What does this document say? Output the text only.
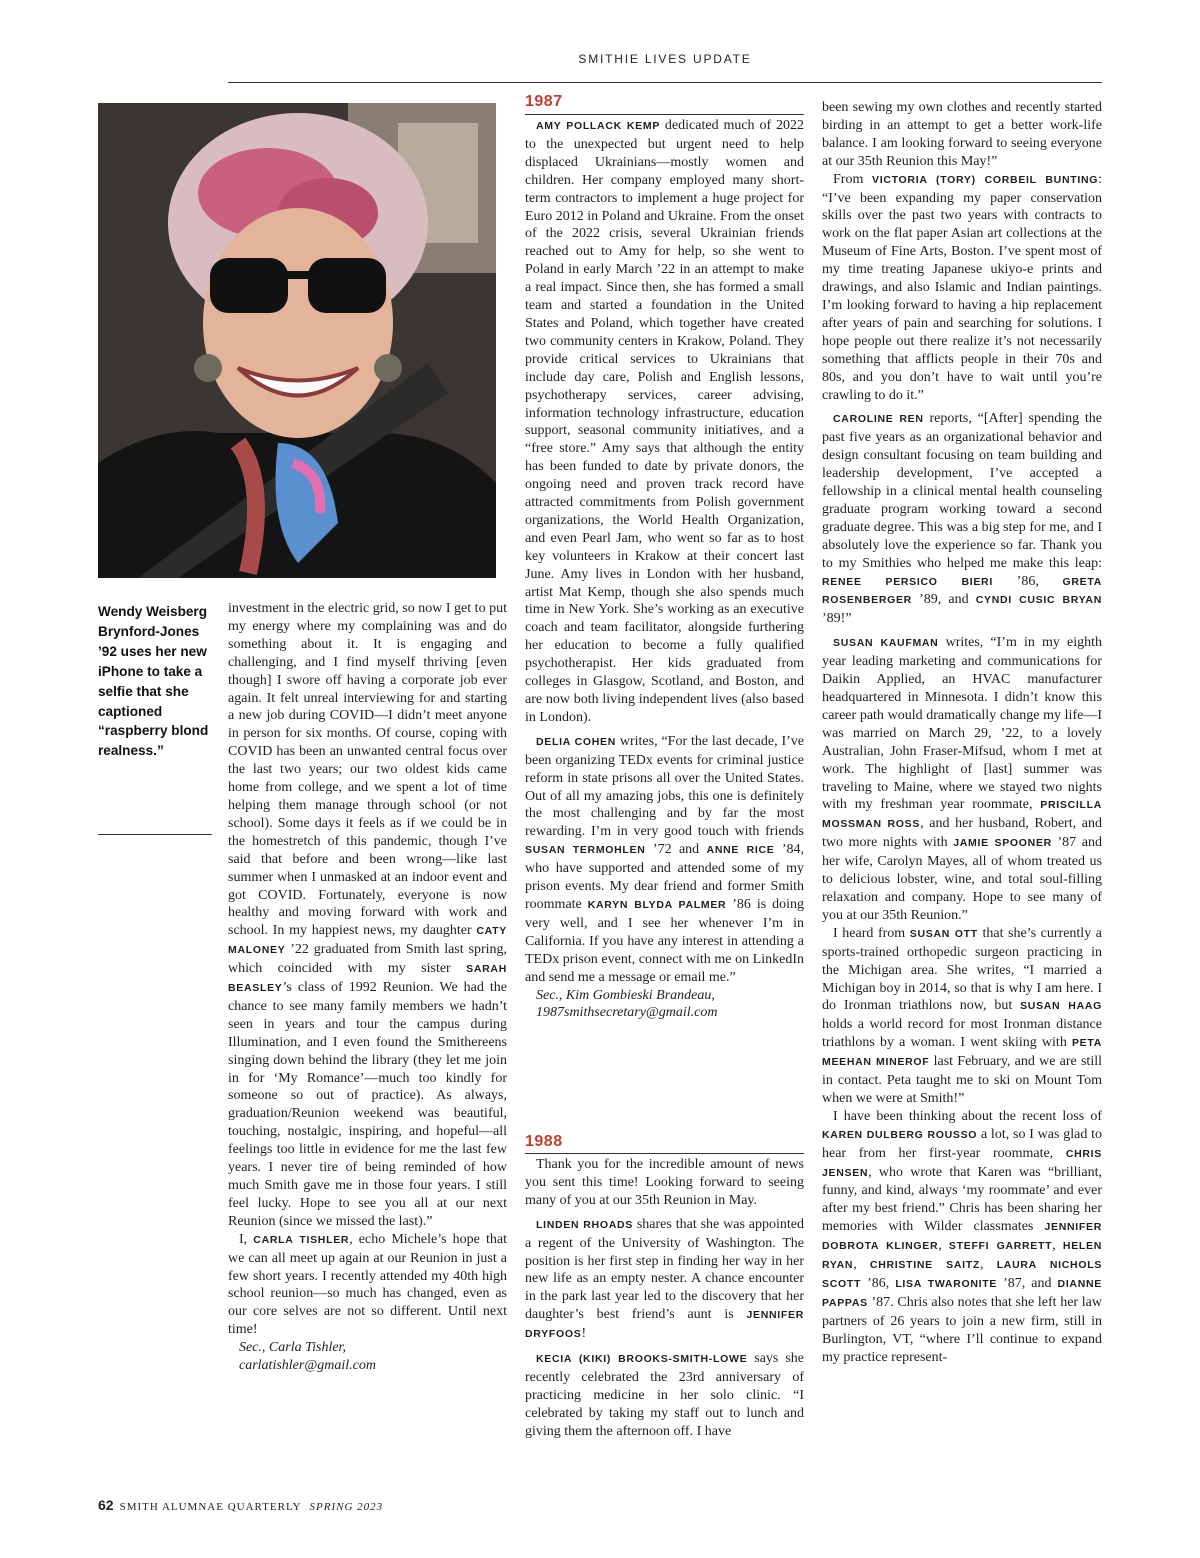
SMITHIE LIVES UPDATE
Wendy Weisberg Brynford-Jones ’92 uses her new iPhone to take a selfie that she captioned “raspberry blond realness.”

investment in the electric grid, so now I get to put my energy where my complaining was and do something about it. It is engaging and challenging, and I find myself thriving [even though] I swore off having a corporate job ever again. It felt unreal interviewing for and starting a new job during COVID—I didn’t meet anyone in person for six months. Of course, coping with COVID has been an unwanted central focus over the last two years; our two oldest kids came home from college, and we spent a lot of time helping them manage through school (or not school). Some days it feels as if we could be in the homestretch of this pandemic, though I’ve said that before and been wrong—like last summer when I unmasked at an indoor event and got COVID. Fortunately, everyone is now healthy and moving forward with work and school. In my happiest news, my daughter CATY MALONEY ’22 graduated from Smith last spring, which coincided with my sister SARAH BEASLEY’s class of 1992 Reunion. We had the chance to see many family members we hadn’t seen in years and tour the campus during Illumination, and I even found the Smithereens singing down behind the library (they let me join in for ‘My Romance’—much too kindly for someone so out of practice). As always, graduation/Reunion weekend was beautiful, touching, nostalgic, inspiring, and hopeful—all feelings too little in evidence for me the last few years. I never tire of being reminded of how much Smith gave me in those four years. I still feel lucky. Hope to see you all at our next Reunion (since we missed the last).”

I, CARLA TISHLER, echo Michele’s hope that we can all meet up again at our Reunion in just a few short years. I recently attended my 40th high school reunion—so much has changed, even as our core selves are not so different. Until next time!

Sec., Carla Tishler,

carlatishler@gmail.com

1987

AMY POLLACK KEMP dedicated much of 2022 to the unexpected but urgent need to help displaced Ukrainians—mostly women and children. Her company employed many short-term contractors to implement a huge project for Euro 2012 in Poland and Ukraine. From the onset of the 2022 crisis, several Ukrainian friends reached out to Amy for help, so she went to Poland in early March ’22 in an attempt to make a real impact. Since then, she has formed a small team and started a foundation in the United States and Poland, which together have created two community centers in Krakow, Poland. They provide critical services to Ukrainians that include day care, Polish and English lessons, psychotherapy services, career advising, information technology infrastructure, education support, seasonal community initiatives, and a “free store.” Amy says that although the entity has been funded to date by private donors, the ongoing need and proven track record have attracted commitments from Polish government organizations, the World Health Organization, and even Pearl Jam, who went so far as to host key volunteers in Krakow at their concert last June. Amy lives in London with her husband, artist Mat Kemp, though she also spends much time in New York. She’s working as an executive coach and team facilitator, alongside furthering her education to become a fully qualified psychotherapist. Her kids graduated from colleges in Glasgow, Scotland, and Boston, and are now both living independent lives (also based in London).

DELIA COHEN writes, “For the last decade, I’ve been organizing TEDx events for criminal justice reform in state prisons all over the United States. Out of all my amazing jobs, this one is definitely the most challenging and by far the most rewarding. I’m in very good touch with friends SUSAN TERMOHLEN ’72 and ANNE RICE ’84, who have supported and attended some of my prison events. My dear friend and former Smith roommate KARYN BLYDA PALMER ’86 is doing very well, and I see her whenever I’m in California. If you have any interest in attending a TEDx prison event, connect with me on LinkedIn and send me a message or email me.”

Sec., Kim Gombieski Brandeau,

1987smithsecretary@gmail.com

1988

Thank you for the incredible amount of news you sent this time! Looking forward to seeing many of you at our 35th Reunion in May.

LINDEN RHOADS shares that she was appointed a regent of the University of Washington. The position is her first step in finding her way in her new life as an empty nester. A chance encounter in the park last year led to the discovery that her daughter’s best friend’s aunt is JENNIFER DRYFOOS!

KECIA (KIKI) BROOKS-SMITH-LOWE says she recently celebrated the 23rd anniversary of practicing medicine in her solo clinic. “I celebrated by taking my staff out to lunch and giving them the afternoon off. I have

been sewing my own clothes and recently started birding in an attempt to get a better work-life balance. I am looking forward to seeing everyone at our 35th Reunion this May!”

From VICTORIA (TORY) CORBEIL BUNTING: “I’ve been expanding my paper conservation skills over the past two years with contracts to work on the flat paper Asian art collections at the Museum of Fine Arts, Boston. I’ve spent most of my time treating Japanese ukiyo-e prints and drawings, and also Islamic and Indian paintings. I’m looking forward to having a hip replacement after years of pain and searching for solutions. I hope people out there realize it’s not necessarily something that afflicts people in their 70s and 80s, and you don’t have to wait until you’re crawling to do it.”

CAROLINE REN reports, “[After] spending the past five years as an organizational behavior and design consultant focusing on team building and leadership development, I’ve accepted a fellowship in a clinical mental health counseling graduate program working toward a second graduate degree. This was a big step for me, and I absolutely love the experience so far. Thank you to my Smithies who helped me make this leap: RENEE PERSICO BIERI ’86, GRETA ROSENBERGER ’89, and CYNDI CUSIC BRYAN ’89!”

SUSAN KAUFMAN writes, “I’m in my eighth year leading marketing and communications for Daikin Applied, an HVAC manufacturer headquartered in Minnesota. I didn’t know this career path would dramatically change my life—I was married on March 29, ’22, to a lovely Australian, John Fraser-Mifsud, whom I met at work. The highlight of [last] summer was traveling to Maine, where we stayed two nights with my freshman year roommate, PRISCILLA MOSSMAN ROSS, and her husband, Robert, and two more nights with JAMIE SPOONER ’87 and her wife, Carolyn Mayes, all of whom treated us to delicious lobster, wine, and total soul-filling relaxation and company. Hope to see many of you at our 35th Reunion.”

I heard from SUSAN OTT that she’s currently a sports-trained orthopedic surgeon practicing in the Michigan area. She writes, “I married a Michigan boy in 2014, so that is why I am here. I do Ironman triathlons now, but SUSAN HAAG holds a world record for most Ironman distance triathlons by a woman. I went skiing with PETA MEEHAN MINEROF last February, and we are still in contact. Peta taught me to ski on Mount Tom when we were at Smith!”

I have been thinking about the recent loss of KAREN DULBERG ROUSSO a lot, so I was glad to hear from her first-year roommate, CHRIS JENSEN, who wrote that Karen was “brilliant, funny, and kind, always ‘my roommate’ and ever after my best friend.” Chris has been sharing her memories with Wilder classmates JENNIFER DOBROTA KLINGER, STEFFI GARRETT, HELEN RYAN, CHRISTINE SAITZ, LAURA NICHOLS SCOTT ’86, LISA TWARONITE ’87, and DIANNE PAPPAS ’87. Chris also notes that she left her law partners of 26 years to join a new firm, still in Burlington, VT, “where I’ll continue to expand my practice represent-

62 SMITH ALUMNAE QUARTERLY SPRING 2023
